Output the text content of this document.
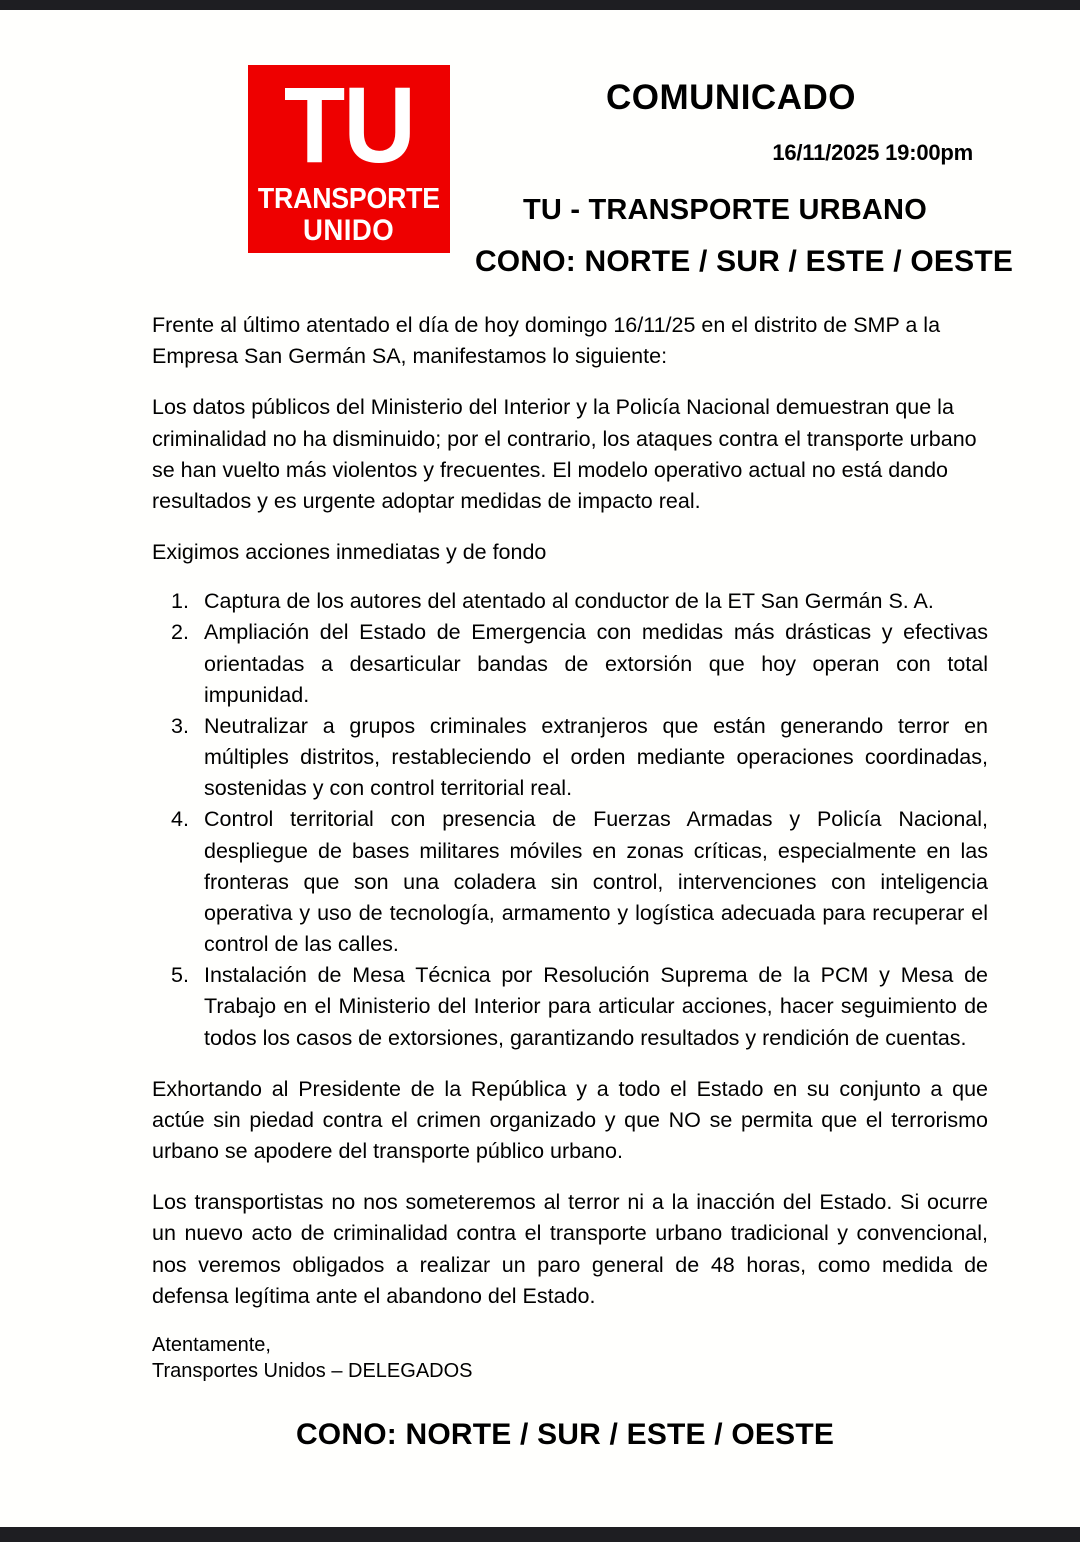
TU
TRANSPORTE
UNIDO
COMUNICADO
16/11/2025 19:00pm
TU - TRANSPORTE URBANO
CONO: NORTE / SUR / ESTE / OESTE

Frente al último atentado el día de hoy domingo 16/11/25 en el distrito de SMP a la Empresa San Germán SA, manifestamos lo siguiente:

Los datos públicos del Ministerio del Interior y la Policía Nacional demuestran que la criminalidad no ha disminuido; por el contrario, los ataques contra el transporte urbano se han vuelto más violentos y frecuentes. El modelo operativo actual no está dando resultados y es urgente adoptar medidas de impacto real.

Exigimos acciones inmediatas y de fondo

Captura de los autores del atentado al conductor de la ET San Germán S. A.
Ampliación del Estado de Emergencia con medidas más drásticas y efectivas orientadas a desarticular bandas de extorsión que hoy operan con total impunidad.
Neutralizar a grupos criminales extranjeros que están generando terror en múltiples distritos, restableciendo el orden mediante operaciones coordinadas, sostenidas y con control territorial real.
Control territorial con presencia de Fuerzas Armadas y Policía Nacional, despliegue de bases militares móviles en zonas críticas, especialmente en las fronteras que son una coladera sin control, intervenciones con inteligencia operativa y uso de tecnología, armamento y logística adecuada para recuperar el control de las calles.
Instalación de Mesa Técnica por Resolución Suprema de la PCM y Mesa de Trabajo en el Ministerio del Interior para articular acciones, hacer seguimiento de todos los casos de extorsiones, garantizando resultados y rendición de cuentas.

Exhortando al Presidente de la República y a todo el Estado en su conjunto a que actúe sin piedad contra el crimen organizado y que NO se permita que el terrorismo urbano se apodere del transporte público urbano.

Los transportistas no nos someteremos al terror ni a la inacción del Estado. Si ocurre un nuevo acto de criminalidad contra el transporte urbano tradicional y convencional, nos veremos obligados a realizar un paro general de 48 horas, como medida de defensa legítima ante el abandono del Estado.

Atentamente,
Transportes Unidos – DELEGADOS
CONO: NORTE / SUR / ESTE / OESTE
